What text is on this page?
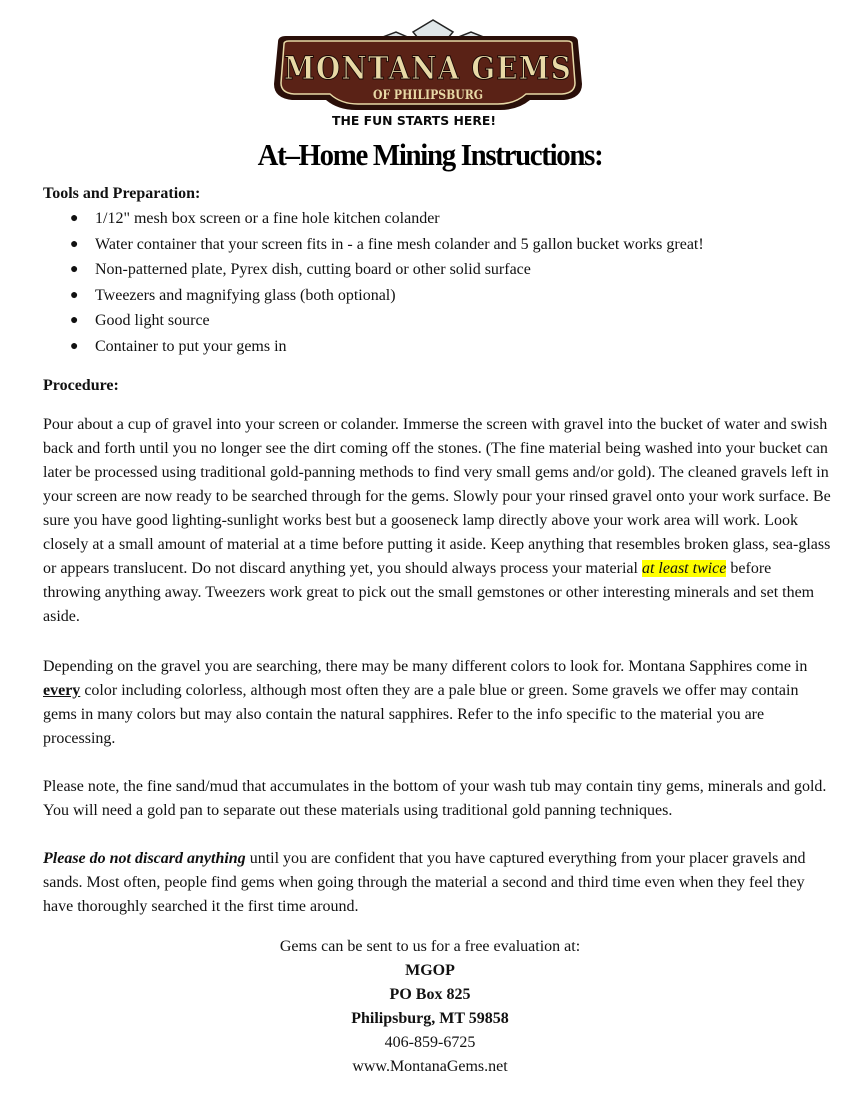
MONTANA GEMS
OF PHILIPSBURG
THE FUN STARTS HERE!
At–Home Mining Instructions:
Tools and Preparation:
● 1/12" mesh box screen or a fine hole kitchen colander
● Water container that your screen fits in - a fine mesh colander and 5 gallon bucket works great!
● Non-patterned plate, Pyrex dish, cutting board or other solid surface
● Tweezers and magnifying glass (both optional)
● Good light source
● Container to put your gems in
Procedure:

Pour about a cup of gravel into your screen or colander. Immerse the screen with gravel into the bucket of water and swish back and forth until you no longer see the dirt coming off the stones. (The fine material being washed into your bucket can later be processed using traditional gold-panning methods to find very small gems and/or gold). The cleaned gravels left in your screen are now ready to be searched through for the gems. Slowly pour your rinsed gravel onto your work surface. Be sure you have good lighting-sunlight works best but a gooseneck lamp directly above your work area will work. Look closely at a small amount of material at a time before putting it aside. Keep anything that resembles broken glass, sea-glass or appears translucent. Do not discard anything yet, you should always process your material at least twice before throwing anything away. Tweezers work great to pick out the small gemstones or other interesting minerals and set them aside.

Depending on the gravel you are searching, there may be many different colors to look for. Montana Sapphires come in every color including colorless, although most often they are a pale blue or green. Some gravels we offer may contain gems in many colors but may also contain the natural sapphires. Refer to the info specific to the material you are processing.

Please note, the fine sand/mud that accumulates in the bottom of your wash tub may contain tiny gems, minerals and gold. You will need a gold pan to separate out these materials using traditional gold panning techniques.

Please do not discard anything until you are confident that you have captured everything from your placer gravels and sands. Most often, people find gems when going through the material a second and third time even when they feel they have thoroughly searched it the first time around.

Gems can be sent to us for a free evaluation at:
MGOP
PO Box 825
Philipsburg, MT 59858
406-859-6725
www.MontanaGems.net
